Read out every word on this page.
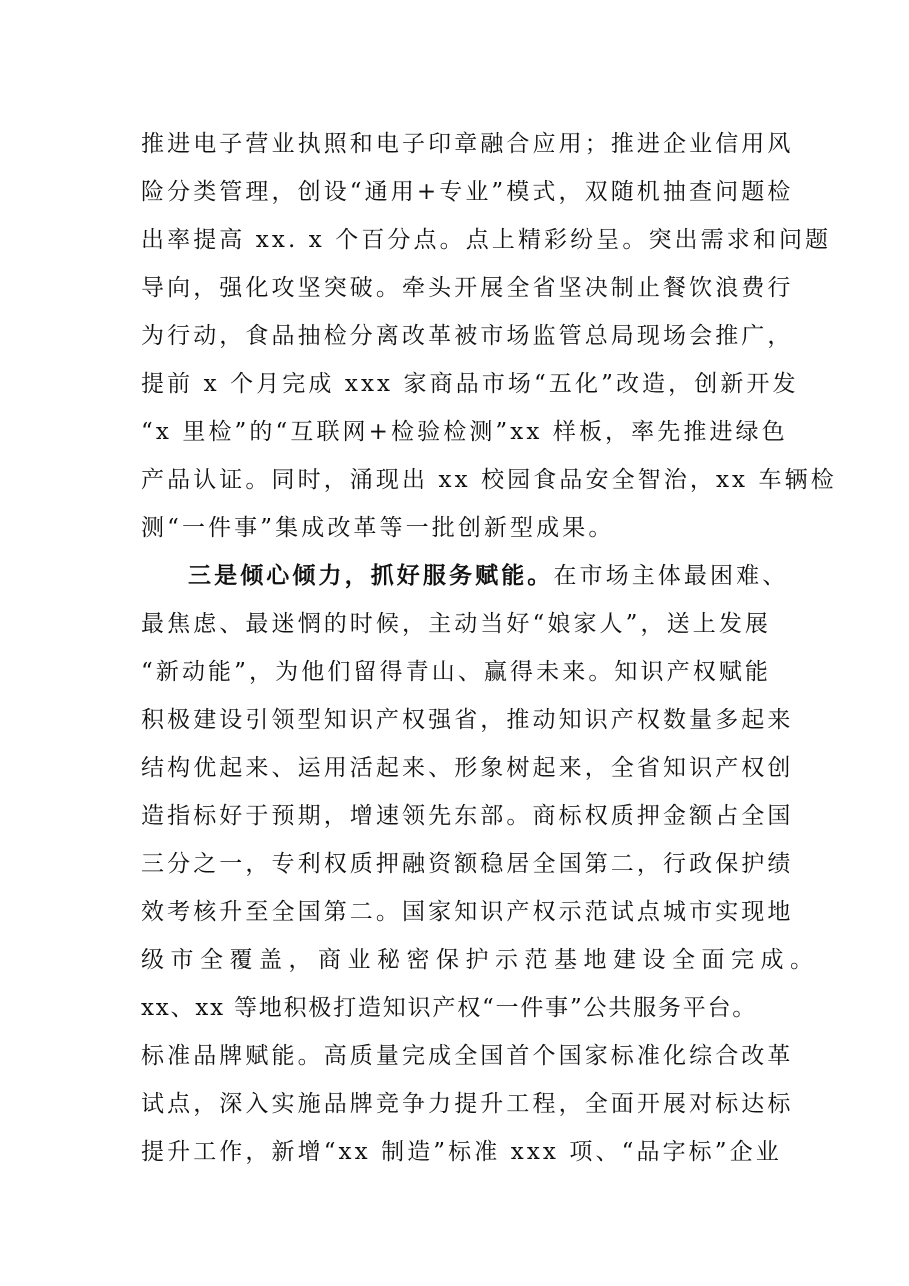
推进电子营业执照和电子印章融合应用；推进企业信用风
险分类管理，创设“通用+专业”模式，双随机抽查问题检
出率提高 xx. x 个百分点。点上精彩纷呈。突出需求和问题
导向，强化攻坚突破。牵头开展全省坚决制止餐饮浪费行
为行动，食品抽检分离改革被市场监管总局现场会推广，
提前 x 个月完成 xxx 家商品市场“五化”改造，创新开发
“x 里检”的“互联网+检验检测”xx 样板，率先推进绿色
产品认证。同时，涌现出 xx 校园食品安全智治，xx 车辆检
测“一件事”集成改革等一批创新型成果。
三是倾心倾力，抓好服务赋能。在市场主体最困难、
最焦虑、最迷惘的时候，主动当好“娘家人”，送上发展
“新动能”，为他们留得青山、赢得未来。知识产权赋能
积极建设引领型知识产权强省，推动知识产权数量多起来
结构优起来、运用活起来、形象树起来，全省知识产权创
造指标好于预期，增速领先东部。商标权质押金额占全国
三分之一，专利权质押融资额稳居全国第二，行政保护绩
效考核升至全国第二。国家知识产权示范试点城市实现地
级市全覆盖，商业秘密保护示范基地建设全面完成。
xx、xx 等地积极打造知识产权“一件事”公共服务平台。
标准品牌赋能。高质量完成全国首个国家标准化综合改革
试点，深入实施品牌竞争力提升工程，全面开展对标达标
提升工作，新增“xx 制造”标准 xxx 项、“品字标”企业
